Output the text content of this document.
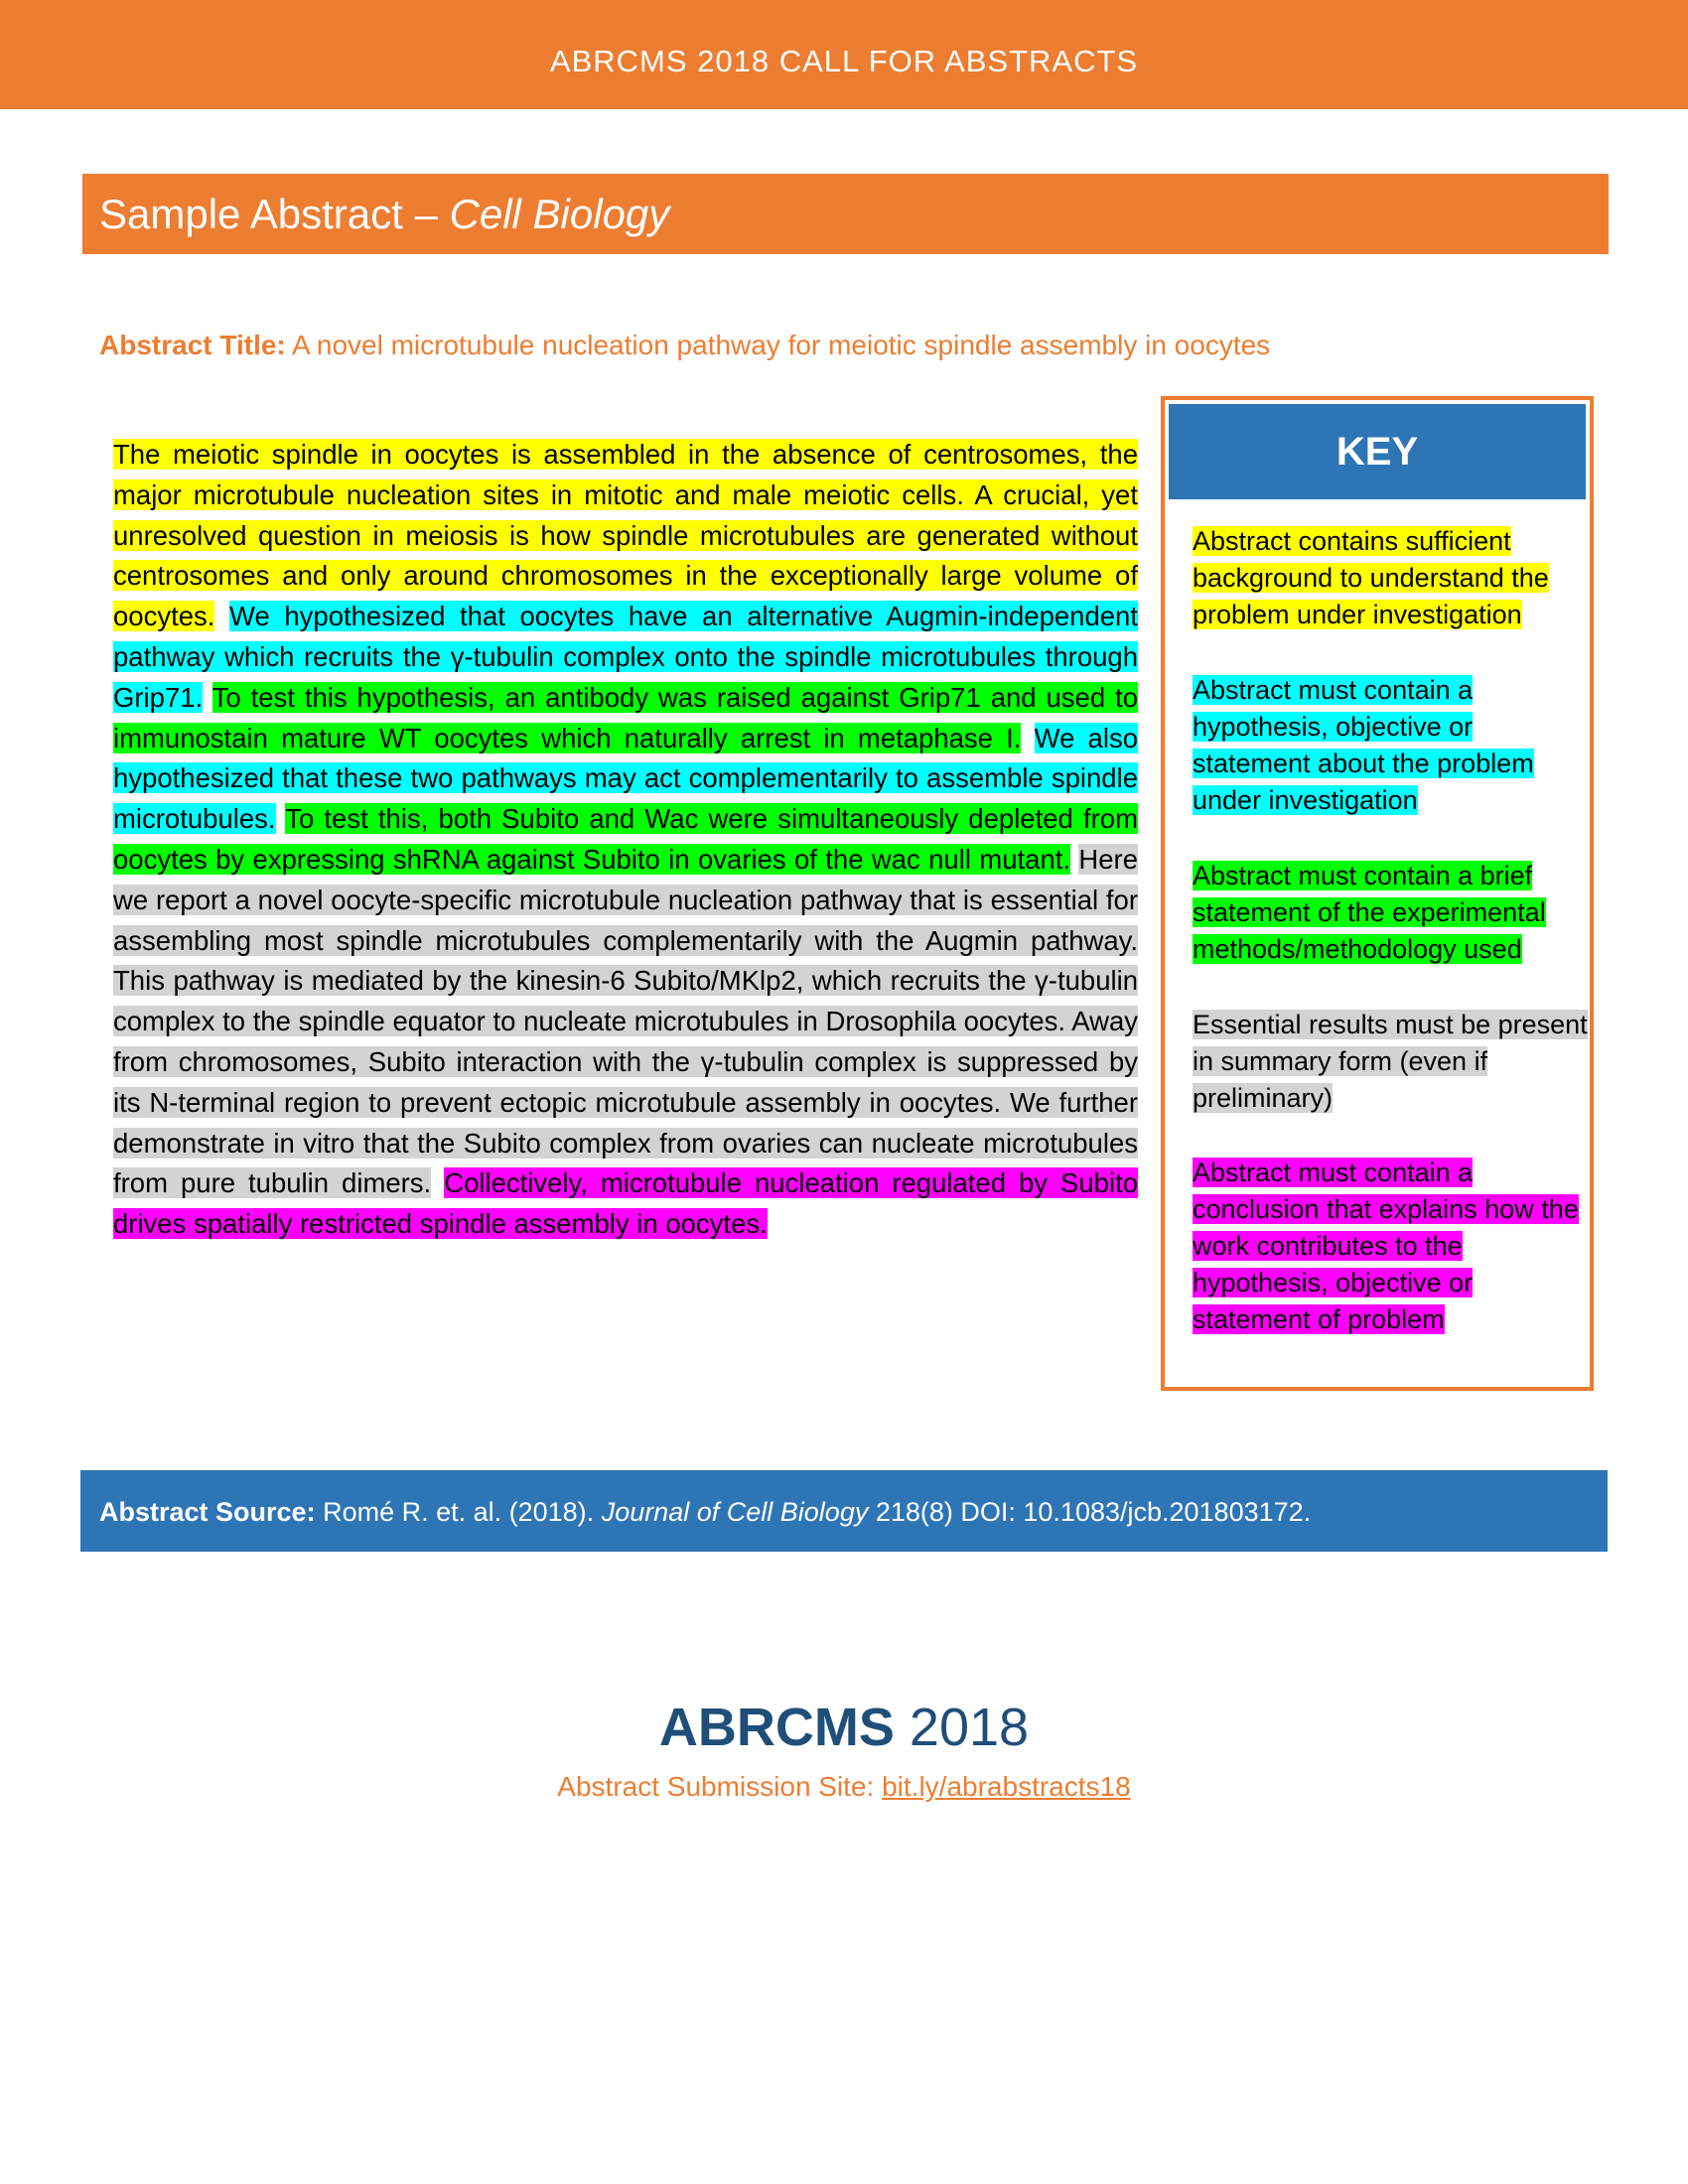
ABRCMS 2018 CALL FOR ABSTRACTS
Sample Abstract – Cell Biology
Abstract Title: A novel microtubule nucleation pathway for meiotic spindle assembly in oocytes
The meiotic spindle in oocytes is assembled in the absence of centrosomes, the major microtubule nucleation sites in mitotic and male meiotic cells. A crucial, yet unresolved question in meiosis is how spindle microtubules are generated without centrosomes and only around chromosomes in the exceptionally large volume of oocytes. We hypothesized that oocytes have an alternative Augmin-independent pathway which recruits the γ-tubulin complex onto the spindle microtubules through Grip71. To test this hypothesis, an antibody was raised against Grip71 and used to immunostain mature WT oocytes which naturally arrest in metaphase I. We also hypothesized that these two pathways may act complementarily to assemble spindle microtubules. To test this, both Subito and Wac were simultaneously depleted from oocytes by expressing shRNA against Subito in ovaries of the wac null mutant. Here we report a novel oocyte-specific microtubule nucleation pathway that is essential for assembling most spindle microtubules complementarily with the Augmin pathway. This pathway is mediated by the kinesin-6 Subito/MKlp2, which recruits the γ-tubulin complex to the spindle equator to nucleate microtubules in Drosophila oocytes. Away from chromosomes, Subito interaction with the γ-tubulin complex is suppressed by its N-terminal region to prevent ectopic microtubule assembly in oocytes. We further demonstrate in vitro that the Subito complex from ovaries can nucleate microtubules from pure tubulin dimers. Collectively, microtubule nucleation regulated by Subito drives spatially restricted spindle assembly in oocytes.
KEY
Abstract contains sufficient background to understand the problem under investigation
Abstract must contain a hypothesis, objective or statement about the problem under investigation
Abstract must contain a brief statement of the experimental methods/methodology used
Essential results must be present in summary form (even if preliminary)
Abstract must contain a conclusion that explains how the work contributes to the hypothesis, objective or statement of problem
Abstract Source: Romé R. et. al. (2018). Journal of Cell Biology 218(8) DOI: 10.1083/jcb.201803172.
ABRCMS 2018
Abstract Submission Site: bit.ly/abrabstracts18
